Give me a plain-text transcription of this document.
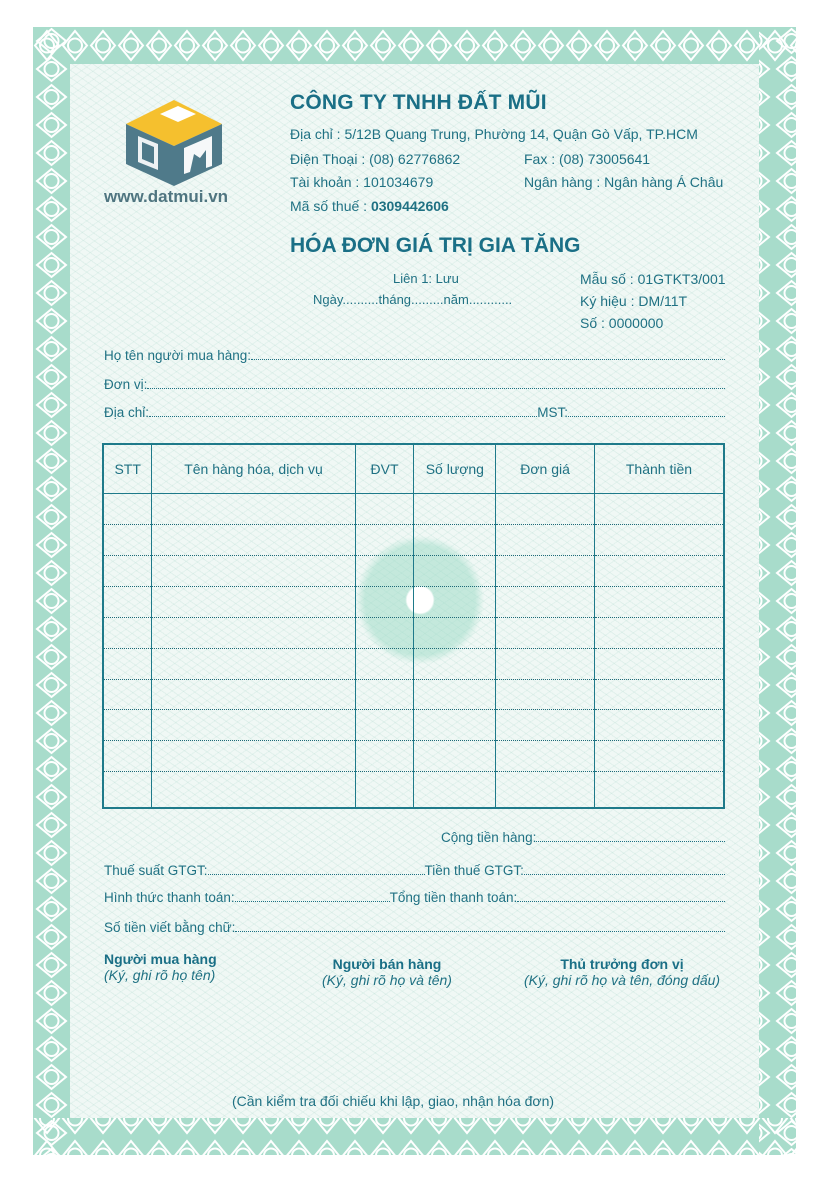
www.datmui.vn
CÔNG TY TNHH ĐẤT MŨI
Địa chỉ : 5/12B Quang Trung, Phường 14, Quận Gò Vấp, TP.HCM
Điện Thoại : (08) 62776862	Fax : (08) 73005641
Tài khoản : 101034679	Ngân hàng : Ngân hàng Á Châu
Mã số thuế : 0309442606
HÓA ĐƠN GIÁ TRỊ GIA TĂNG
Liên 1: Lưu
Ngày..........tháng.........năm............
Mẫu số : 01GTKT3/001
Ký hiệu : DM/11T
Số : 0000000
Họ tên người mua hàng:
Đơn vị:
Địa chỉ:	MST:
STT	Tên hàng hóa, dịch vụ	ĐVT	Số lượng	Đơn giá	Thành tiền

Cộng tiền hàng:
Thuế suất GTGT:	Tiền thuế GTGT:
Hình thức thanh toán:	Tổng tiền thanh toán:
Số tiền viết bằng chữ:
Người mua hàng
(Ký, ghi rõ họ tên)
Người bán hàng
(Ký, ghi rõ họ và tên)
Thủ trưởng đơn vị
(Ký, ghi rõ họ và tên, đóng dấu)
(Cần kiểm tra đối chiếu khi lập, giao, nhận hóa đơn)
